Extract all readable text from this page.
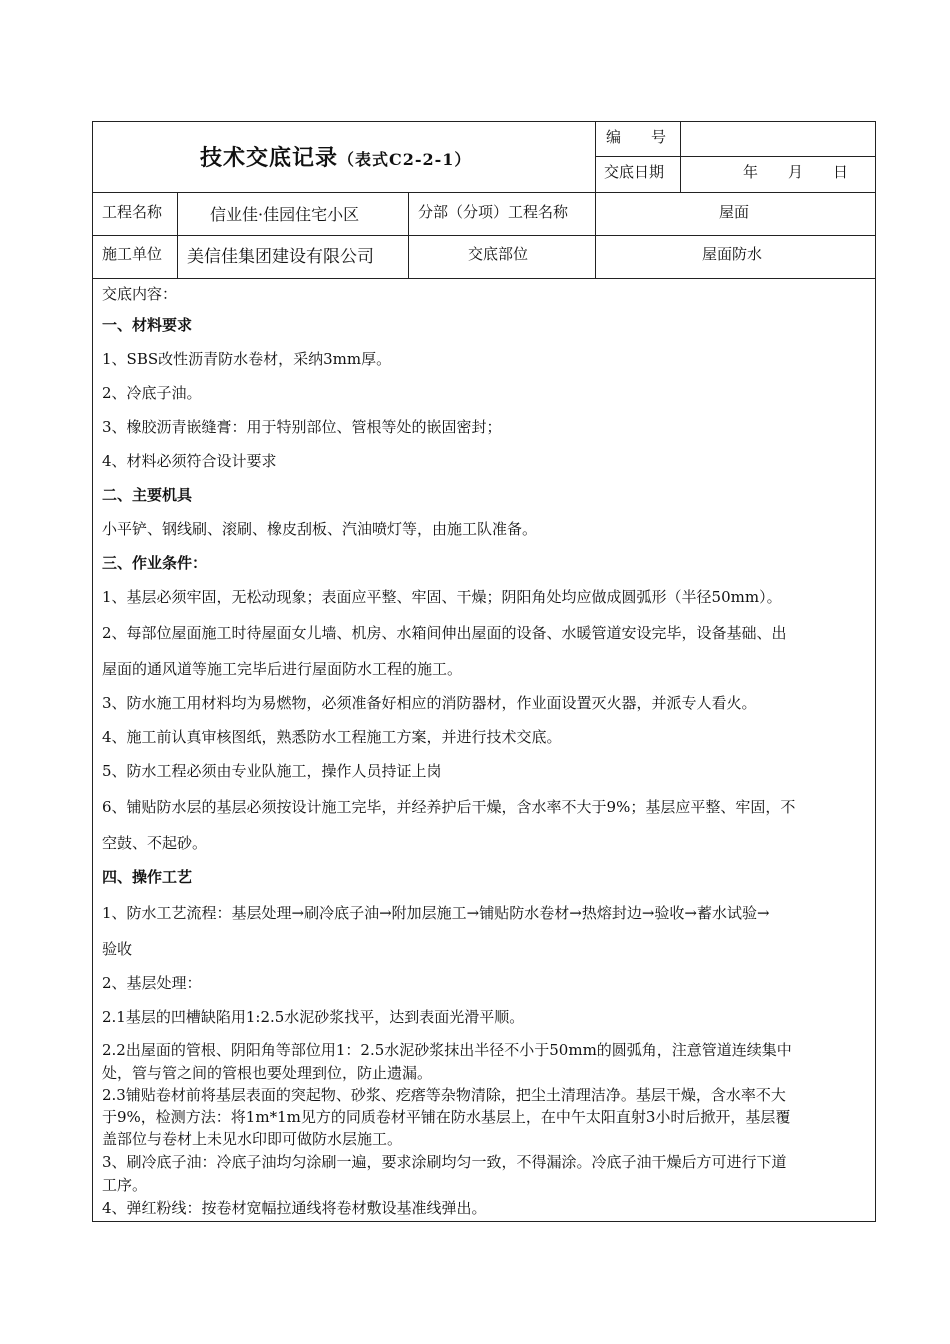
技术交底记录（表式C2-2-1）
编　　号
交底日期	年　　月　　日
工程名称	信业佳·佳园住宅小区	分部（分项）工程名称	屋面
施工单位 美信佳集团建设有限公司	交底部位	屋面防水

交底内容：

一、材料要求

1、SBS改性沥青防水卷材，采纳3mm厚。

2、冷底子油。

3、橡胶沥青嵌缝膏：用于特别部位、管根等处的嵌固密封；

4、材料必须符合设计要求

二、主要机具

小平铲、钢线刷、滚刷、橡皮刮板、汽油喷灯等，由施工队准备。

三、作业条件：

1、基层必须牢固，无松动现象；表面应平整、牢固、干燥；阴阳角处均应做成圆弧形（半径50mm）。

2、每部位屋面施工时待屋面女儿墙、机房、水箱间伸出屋面的设备、水暖管道安设完毕，设备基础、出

屋面的通风道等施工完毕后进行屋面防水工程的施工。

3、防水施工用材料均为易燃物，必须准备好相应的消防器材，作业面设置灭火器，并派专人看火。

4、施工前认真审核图纸，熟悉防水工程施工方案，并进行技术交底。

5、防水工程必须由专业队施工，操作人员持证上岗

6、铺贴防水层的基层必须按设计施工完毕，并经养护后干燥，含水率不大于9%；基层应平整、牢固，不

空鼓、不起砂。

四、操作工艺

1、防水工艺流程：基层处理→刷冷底子油→附加层施工→铺贴防水卷材→热熔封边→验收→蓄水试验→

验收

2、基层处理：

2.1基层的凹槽缺陷用1:2.5水泥砂浆找平，达到表面光滑平顺。

2.2出屋面的管根、阴阳角等部位用1：2.5水泥砂浆抹出半径不小于50mm的圆弧角，注意管道连续集中

处，管与管之间的管根也要处理到位，防止遗漏。

2.3铺贴卷材前将基层表面的突起物、砂浆、疙瘩等杂物清除，把尘土清理洁净。基层干燥，含水率不大

于9%，检测方法：将1m*1m见方的同质卷材平铺在防水基层上，在中午太阳直射3小时后掀开，基层覆

盖部位与卷材上未见水印即可做防水层施工。

3、刷冷底子油：冷底子油均匀涂刷一遍，要求涂刷均匀一致，不得漏涂。冷底子油干燥后方可进行下道

工序。

4、弹红粉线：按卷材宽幅拉通线将卷材敷设基准线弹出。
